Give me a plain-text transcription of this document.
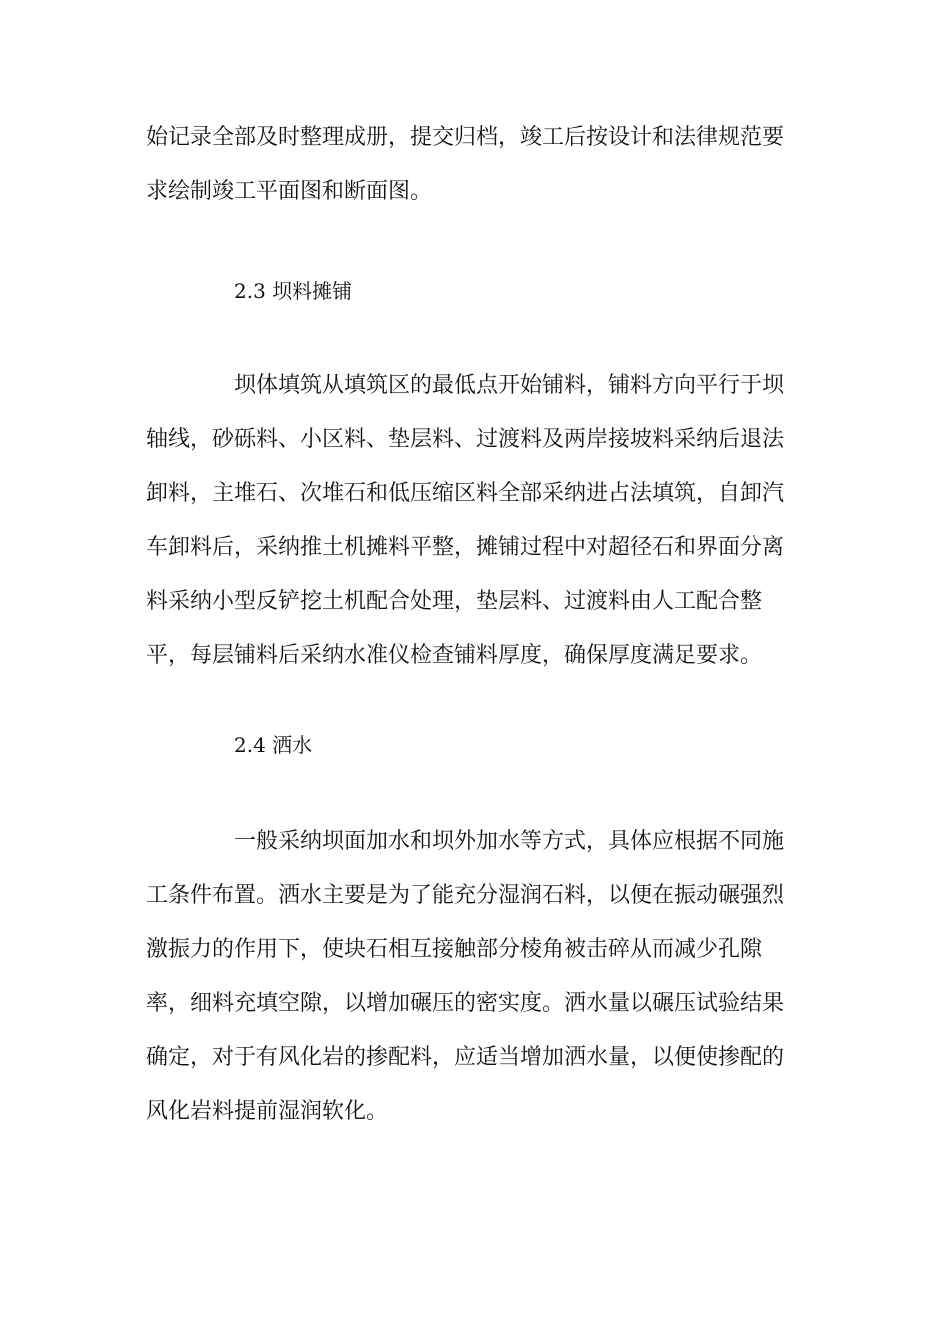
始记录全部及时整理成册，提交归档，竣工后按设计和法律规范要
求绘制竣工平面图和断面图。
2.3 坝料摊铺
坝体填筑从填筑区的最低点开始铺料，铺料方向平行于坝
轴线，砂砾料、小区料、垫层料、过渡料及两岸接坡料采纳后退法
卸料，主堆石、次堆石和低压缩区料全部采纳进占法填筑，自卸汽
车卸料后，采纳推土机摊料平整，摊铺过程中对超径石和界面分离
料采纳小型反铲挖土机配合处理，垫层料、过渡料由人工配合整
平，每层铺料后采纳水准仪检查铺料厚度，确保厚度满足要求。
2.4 洒水
一般采纳坝面加水和坝外加水等方式，具体应根据不同施
工条件布置。洒水主要是为了能充分湿润石料，以便在振动碾强烈
激振力的作用下，使块石相互接触部分棱角被击碎从而减少孔隙
率，细料充填空隙，以增加碾压的密实度。洒水量以碾压试验结果
确定，对于有风化岩的掺配料，应适当增加洒水量，以便使掺配的
风化岩料提前湿润软化。
